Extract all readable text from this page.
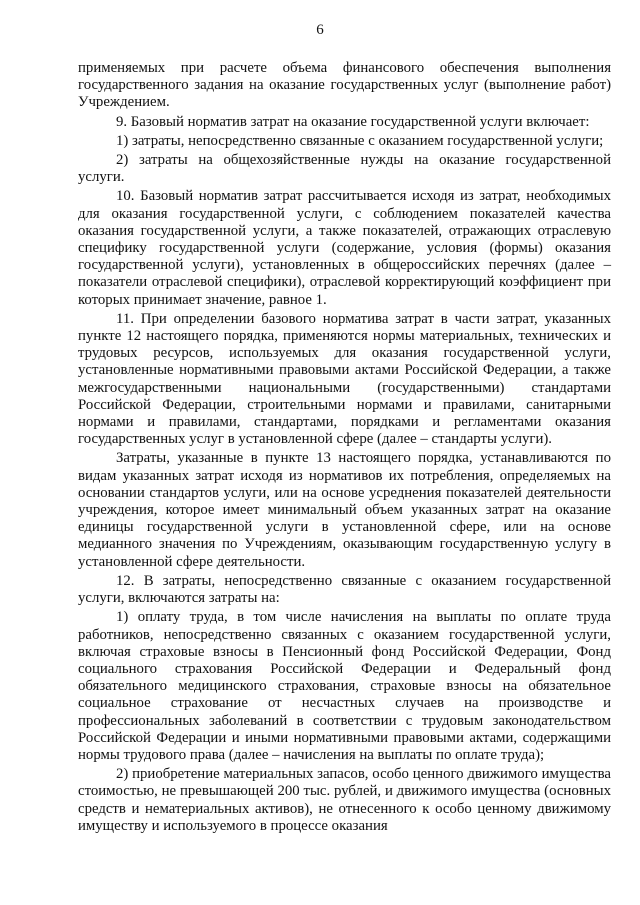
6

применяемых при расчете объема финансового обеспечения выполнения государственного задания на оказание государственных услуг (выполнение работ) Учреждением.

9. Базовый норматив затрат на оказание государственной услуги включает:

1) затраты, непосредственно связанные с оказанием государственной услуги;

2) затраты на общехозяйственные нужды на оказание государственной услуги.

10. Базовый норматив затрат рассчитывается исходя из затрат, необходимых для оказания государственной услуги, с соблюдением показателей качества оказания государственной услуги, а также показателей, отражающих отраслевую специфику государственной услуги (содержание, условия (формы) оказания государственной услуги), установленных в общероссийских перечнях (далее – показатели отраслевой специфики), отраслевой корректирующий коэффициент при которых принимает значение, равное 1.

11. При определении базового норматива затрат в части затрат, указанных пункте 12 настоящего порядка, применяются нормы материальных, технических и трудовых ресурсов, используемых для оказания государственной услуги, установленные нормативными правовыми актами Российской Федерации, а также межгосударственными национальными (государственными) стандартами Российской Федерации, строительными нормами и правилами, санитарными нормами и правилами, стандартами, порядками и регламентами оказания государственных услуг в установленной сфере (далее – стандарты услуги).

Затраты, указанные в пункте 13 настоящего порядка, устанавливаются по видам указанных затрат исходя из нормативов их потребления, определяемых на основании стандартов услуги, или на основе усреднения показателей деятельности учреждения, которое имеет минимальный объем указанных затрат на оказание единицы государственной услуги в установленной сфере, или на основе медианного значения по Учреждениям, оказывающим государственную услугу в установленной сфере деятельности.

12. В затраты, непосредственно связанные с оказанием государственной услуги, включаются затраты на:

1) оплату труда, в том числе начисления на выплаты по оплате труда работников, непосредственно связанных с оказанием государственной услуги, включая страховые взносы в Пенсионный фонд Российской Федерации, Фонд социального страхования Российской Федерации и Федеральный фонд обязательного медицинского страхования, страховые взносы на обязательное социальное страхование от несчастных случаев на производстве и профессиональных заболеваний в соответствии с трудовым законодательством Российской Федерации и иными нормативными правовыми актами, содержащими нормы трудового права (далее – начисления на выплаты по оплате труда);

2) приобретение материальных запасов, особо ценного движимого имущества стоимостью, не превышающей 200 тыс. рублей, и движимого имущества (основных средств и нематериальных активов), не отнесенного к особо ценному движимому имуществу и используемого в процессе оказания
